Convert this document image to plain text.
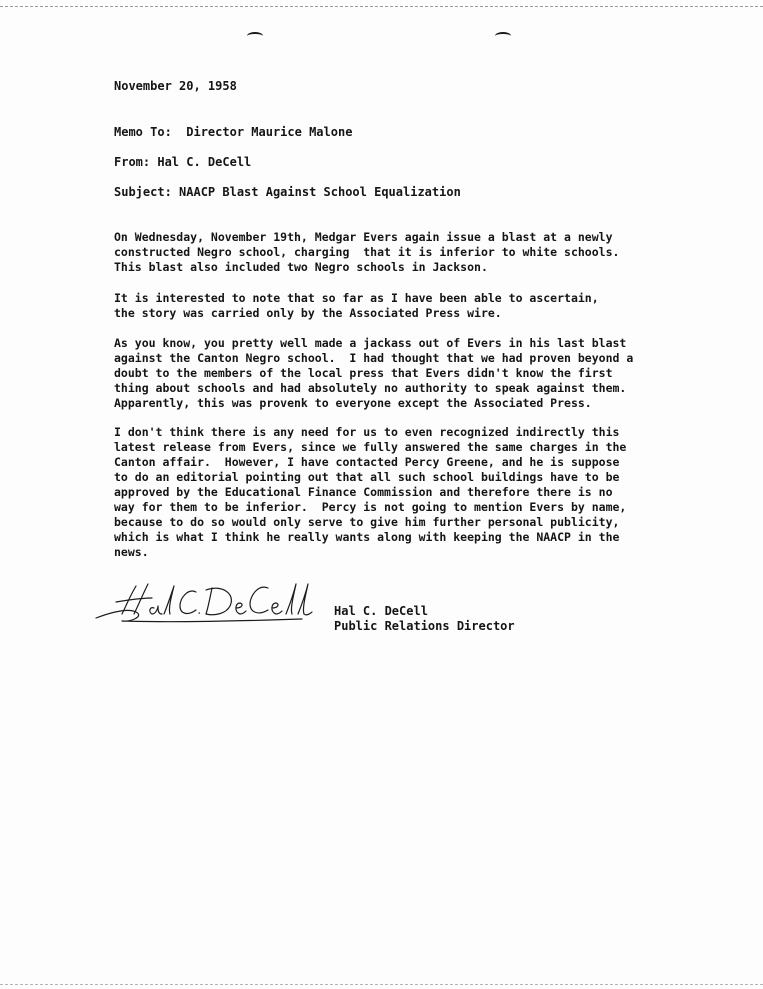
November 20, 1958
Memo To: Director Maurice Malone
From: Hal C. DeCell
Subject: NAACP Blast Against School Equalization
On Wednesday, November 19th, Medgar Evers again issue a blast at a newly
constructed Negro school, charging  that it is inferior to white schools.
This blast also included two Negro schools in Jackson.
It is interested to note that so far as I have been able to ascertain,
the story was carried only by the Associated Press wire.
As you know, you pretty well made a jackass out of Evers in his last blast
against the Canton Negro school.  I had thought that we had proven beyond a
doubt to the members of the local press that Evers didn't know the first
thing about schools and had absolutely no authority to speak against them.
Apparently, this was provenk to everyone except the Associated Press.
I don't think there is any need for us to even recognized indirectly this
latest release from Evers, since we fully answered the same charges in the
Canton affair.  However, I have contacted Percy Greene, and he is suppose
to do an editorial pointing out that all such school buildings have to be
approved by the Educational Finance Commission and therefore there is no
way for them to be inferior.  Percy is not going to mention Evers by name,
because to do so would only serve to give him further personal publicity,
which is what I think he really wants along with keeping the NAACP in the
news.
Hal C. DeCell
Public Relations Director
